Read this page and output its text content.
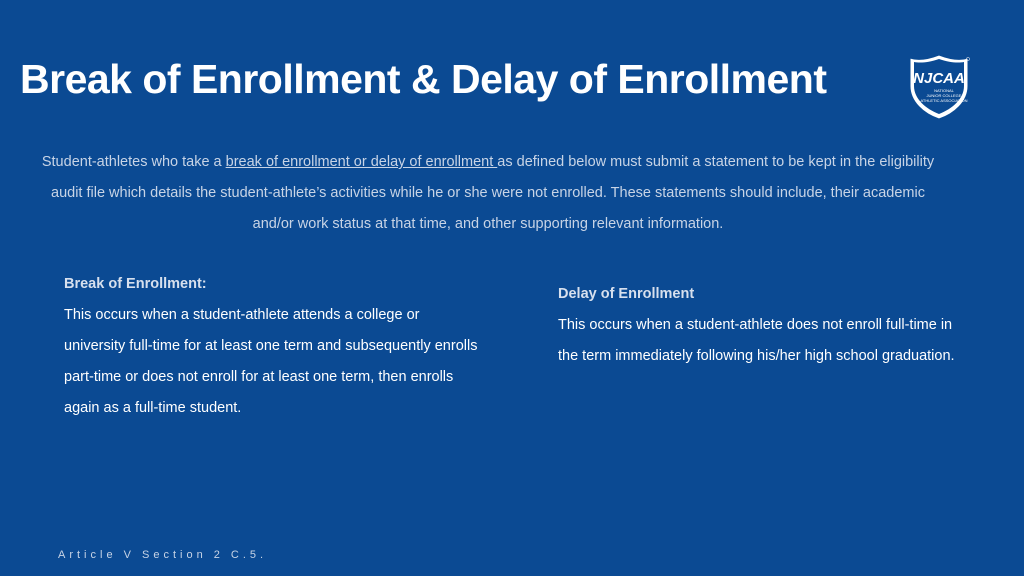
Break of Enrollment & Delay of Enrollment	NJCAA
NATIONAL
JUNIOR COLLEGE
ATHLETIC ASSOCIATION
Student-athletes who take a break of enrollment or delay of enrollment as defined below must submit a statement to be kept in the eligibility audit file which details the student-athlete’s activities while he or she were not enrolled. These statements should include, their academic and/or work status at that time, and other supporting relevant information.
Break of Enrollment:
This occurs when a student-athlete attends a college or university full-time for at least one term and subsequently enrolls part-time or does not enroll for at least one term, then enrolls again as a full-time student.
Delay of Enrollment
This occurs when a student-athlete does not enroll full-time in the term immediately following his/her high school graduation.
Article V Section 2 C.5.
